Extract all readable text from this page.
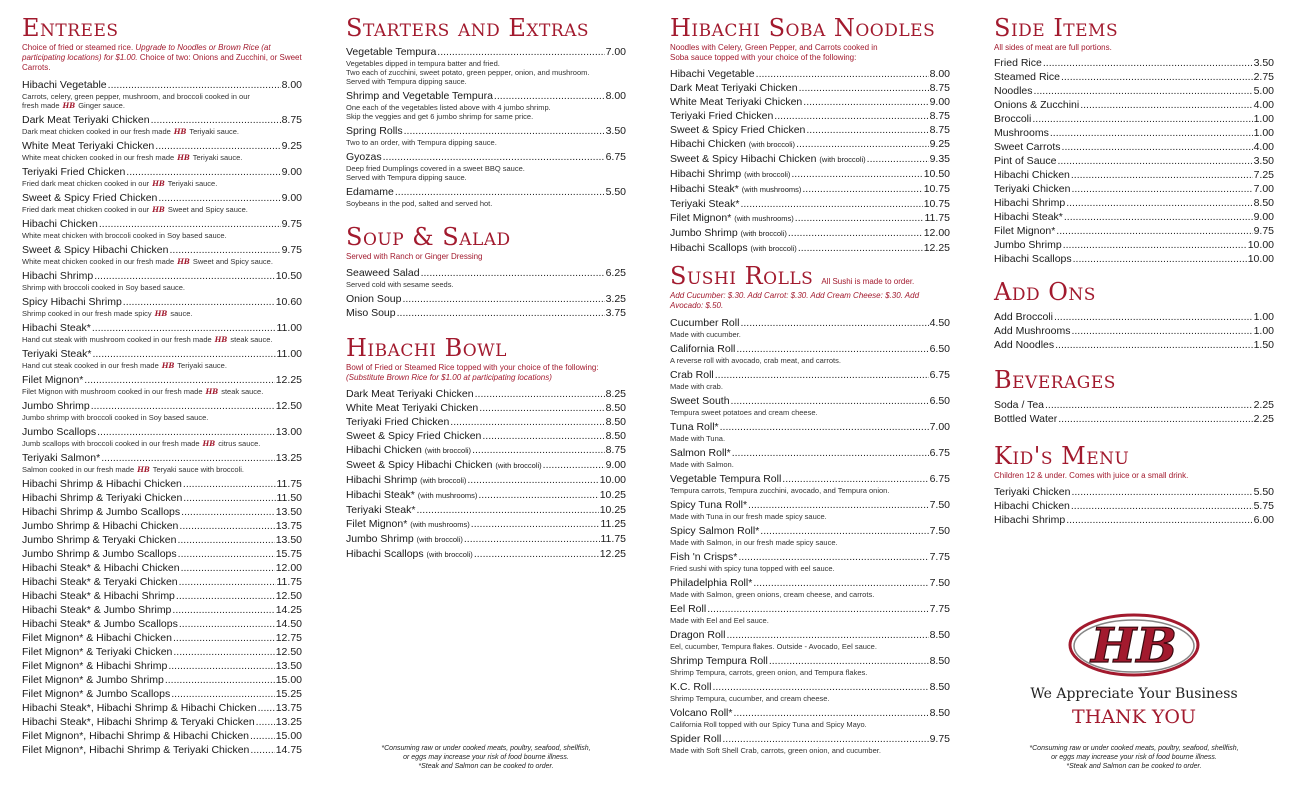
Entrees
Choice of fried or steamed rice. Upgrade to Noodles or Brown Rice (at participating locations) for $1.00. Choice of two: Onions and Zucchini, or Sweet Carrots.
Hibachi Vegetable .....	8.00
Carrots, celery, green pepper, mushroom, and broccoli cooked in our
fresh made HB Ginger sauce.
Dark Meat Teriyaki Chicken .....	8.75
Dark meat chicken cooked in our fresh made HB Teriyaki sauce.
White Meat Teriyaki Chicken .....	9.25
White meat chicken cooked in our fresh made HB Teriyaki sauce.
Teriyaki Fried Chicken .....	9.00
Fried dark meat chicken cooked in our HB Teriyaki sauce.
Sweet & Spicy Fried Chicken .....	9.00
Fried dark meat chicken cooked in our HB Sweet and Spicy sauce.
Hibachi Chicken .....	9.75
White meat chicken with broccoli cooked in Soy based sauce.
Sweet & Spicy Hibachi Chicken .....	9.75
White meat chicken cooked in our fresh made HB Sweet and Spicy sauce.
Hibachi Shrimp .....	10.50
Shrimp with broccoli cooked in Soy based sauce.
Spicy Hibachi Shrimp .....	10.60
Shrimp cooked in our fresh made spicy HB sauce.
Hibachi Steak* .....	11.00
Hand cut steak with mushroom cooked in our fresh made HB steak sauce.
Teriyaki Steak* .....	11.00
Hand cut steak cooked in our fresh made HB Teriyaki sauce.
Filet Mignon* .....	12.25
Filet Mignon with mushroom cooked in our fresh made HB steak sauce.
Jumbo Shrimp .....	12.50
Jumbo shrimp with broccoli cooked in Soy based sauce.
Jumbo Scallops .....	13.00
Jumb scallops with broccoli cooked in our fresh made HB citrus sauce.
Teriyaki Salmon* .....	13.25
Salmon cooked in our fresh made HB Teryaki sauce with broccoli.
Hibachi Shrimp & Hibachi Chicken .....	11.75
Hibachi Shrimp & Teriyaki Chicken .....	11.50
Hibachi Shrimp & Jumbo Scallops .....	13.50
Jumbo Shrimp & Hibachi Chicken .....	13.75
Jumbo Shrimp & Teryaki Chicken .....	13.50
Jumbo Shrimp & Jumbo Scallops .....	15.75
Hibachi Steak* & Hibachi Chicken .....	12.00
Hibachi Steak* & Teryaki Chicken .....	11.75
Hibachi Steak* & Hibachi Shrimp .....	12.50
Hibachi Steak* & Jumbo Shrimp .....	14.25
Hibachi Steak* & Jumbo Scallops .....	14.50
Filet Mignon* & Hibachi Chicken .....	12.75
Filet Mignon* & Teriyaki Chicken .....	12.50
Filet Mignon* & Hibachi Shrimp .....	13.50
Filet Mignon* & Jumbo Shrimp .....	15.00
Filet Mignon* & Jumbo Scallops .....	15.25
Hibachi Steak*, Hibachi Shrimp & Hibachi Chicken ..... 13.75
Hibachi Steak*, Hibachi Shrimp & Teryaki Chicken ..... 13.25
Filet Mignon*, Hibachi Shrimp & Hibachi Chicken .....	15.00
Filet Mignon*, Hibachi Shrimp & Teriyaki Chicken .....	14.75
Starters and Extras
Vegetable Tempura .....	7.00
Vegetables dipped in tempura batter and fried.
Two each of zucchini, sweet potato, green pepper, onion, and mushroom.
Served with Tempura dipping sauce.
Shrimp and Vegetable Tempura .....	8.00
One each of the vegetables listed above with 4 jumbo shrimp.
Skip the veggies and get 6 jumbo shrimp for same price.
Spring Rolls .....	3.50
Two to an order, with Tempura dipping sauce.
Gyozas .....	6.75
Deep fried Dumplings covered in a sweet BBQ sauce.
Served with Tempura dipping sauce.
Edamame .....	5.50
Soybeans in the pod, salted and served hot.
Soup & Salad
Served with Ranch or Ginger Dressing
Seaweed Salad .....	6.25
Served cold with sesame seeds.
Onion Soup .....	3.25
Miso Soup .....	3.75
Hibachi Bowl
Bowl of Fried or Steamed Rice topped with your choice of the following:
(Substitute Brown Rice for $1.00 at participating locations)
Dark Meat Teriyaki Chicken .....	8.25
White Meat Teriyaki Chicken .....	8.50
Teriyaki Fried Chicken .....	8.50
Sweet & Spicy Fried Chicken .....	8.50
Hibachi Chicken (with broccoli) .....	8.75
Sweet & Spicy Hibachi Chicken (with broccoli) .....	9.00
Hibachi Shrimp (with broccoli) .....	10.00
Hibachi Steak* (with mushrooms) .....	10.25
Teriyaki Steak* .....	10.25
Filet Mignon* (with mushrooms) .....	11.25
Jumbo Shrimp (with broccoli) .....	11.75
Hibachi Scallops (with broccoli) .....	12.25
*Consuming raw or under cooked meats, poultry, seafood, shellfish,
or eggs may increase your risk of food bourne illness.
*Steak and Salmon can be cooked to order.
Hibachi Soba Noodles
Noodles with Celery, Green Pepper, and Carrots cooked in
Soba sauce topped with your choice of the following:
Hibachi Vegetable .....	8.00
Dark Meat Teriyaki Chicken .....	8.75
White Meat Teriyaki Chicken .....	9.00
Teriyaki Fried Chicken .....	8.75
Sweet & Spicy Fried Chicken .....	8.75
Hibachi Chicken (with broccoli) .....	9.25
Sweet & Spicy Hibachi Chicken (with broccoli) .....	9.35
Hibachi Shrimp (with broccoli) .....	10.50
Hibachi Steak* (with mushrooms) .....	10.75
Teriyaki Steak* .....	10.75
Filet Mignon* (with mushrooms) .....	11.75
Jumbo Shrimp (with broccoli) .....	12.00
Hibachi Scallops (with broccoli) .....	12.25
Sushi Rolls All Sushi is made to order.
Add Cucumber: $.30. Add Carrot: $.30. Add Cream Cheese: $.30. Add Avocado: $.50.
Cucumber Roll .....	4.50
Made with cucumber.
California Roll .....	6.50
A reverse roll with avocado, crab meat, and carrots.
Crab Roll .....	6.75
Made with crab.
Sweet South .....	6.50
Tempura sweet potatoes and cream cheese.
Tuna Roll* .....	7.00
Made with Tuna.
Salmon Roll* .....	6.75
Made with Salmon.
Vegetable Tempura Roll .....	6.75
Tempura carrots, Tempura zucchini, avocado, and Tempura onion.
Spicy Tuna Roll* .....	7.50
Made with Tuna in our fresh made spicy sauce.
Spicy Salmon Roll* .....	7.50
Made with Salmon, in our fresh made spicy sauce.
Fish 'n Crisps* .....	7.75
Fried sushi with spicy tuna topped with eel sauce.
Philadelphia Roll* .....	7.50
Made with Salmon, green onions, cream cheese, and carrots.
Eel Roll .....	7.75
Made with Eel and Eel sauce.
Dragon Roll .....	8.50
Eel, cucumber, Tempura flakes. Outside - Avocado, Eel sauce.
Shrimp Tempura Roll .....	8.50
Shrimp Tempura, carrots, green onion, and Tempura flakes.
K.C. Roll .....	8.50
Shrimp Tempura, cucumber, and cream cheese.
Volcano Roll* .....	8.50
California Roll topped with our Spicy Tuna and Spicy Mayo.
Spider Roll .....	9.75
Made with Soft Shell Crab, carrots, green onion, and cucumber.
Side Items
All sides of meat are full portions.
Fried Rice .....	3.50
Steamed Rice .....	2.75
Noodles .....	5.00
Onions & Zucchini .....	4.00
Broccoli .....	1.00
Mushrooms .....	1.00
Sweet Carrots .....	4.00
Pint of Sauce .....	3.50
Hibachi Chicken .....	7.25
Teriyaki Chicken .....	7.00
Hibachi Shrimp .....	8.50
Hibachi Steak* .....	9.00
Filet Mignon* .....	9.75
Jumbo Shrimp .....	10.00
Hibachi Scallops .....	10.00
Add Ons
Add Broccoli .....	1.00
Add Mushrooms .....	1.00
Add Noodles .....	1.50
Beverages
Soda / Tea .....	2.25
Bottled Water .....	2.25
Kid's Menu
Children 12 & under. Comes with juice or a small drink.
Teriyaki Chicken .....	5.50
Hibachi Chicken .....	5.75
Hibachi Shrimp .....	6.00
HB
We Appreciate Your Business
THANK YOU
*Consuming raw or under cooked meats, poultry, seafood, shellfish,
or eggs may increase your risk of food bourne illness.
*Steak and Salmon can be cooked to order.
